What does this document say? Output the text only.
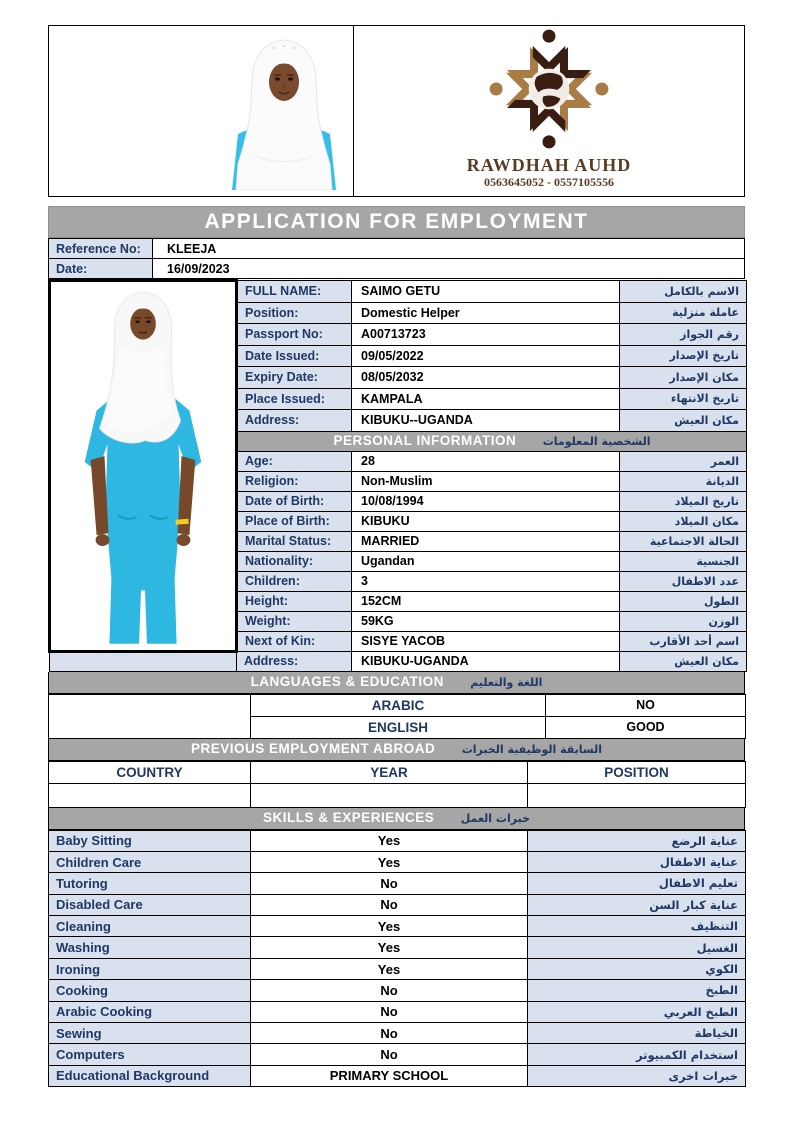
RAWDHAH AUHD
0563645052 - 0557105556
APPLICATION FOR EMPLOYMENT
Reference No:	KLEEJA
Date:	16/09/2023
	FULL NAME:	SAIMO GETU	الاسم بالكامل
	Position:	Domestic Helper	عاملة منزلية
	Passport No:	A00713723	رقم الجواز
	Date Issued:	09/05/2022	تاريخ الإصدار
	Expiry Date:	08/05/2032	مكان الإصدار
	Place Issued:	KAMPALA	تاريخ الانتهاء
	Address:	KIBUKU--UGANDA	مكان العيش
	PERSONAL INFORMATION الشخصية المعلومات		
	Age:	28	العمر
	Religion:	Non-Muslim	الديانة
	Date of Birth:	10/08/1994	تاريخ الميلاد
	Place of Birth:	KIBUKU	مكان الميلاد
	Marital Status:	MARRIED	الحالة الاجتماعية
	Nationality:	Ugandan	الجنسية
	Children:	3	عدد الاطفال
	Height:	152CM	الطول
	Weight:	59KG	الوزن
	Next of Kin:	SISYE YACOB	اسم أحد الأقارب
	Address:	KIBUKU-UGANDA	مكان العيش
LANGUAGES & EDUCATION اللغة والتعليم
	ARABIC	NO
	ENGLISH	GOOD
PREVIOUS EMPLOYMENT ABROAD السابقة الوظيفية الخبرات
COUNTRY	YEAR	POSITION

SKILLS & EXPERIENCES خبرات العمل
Baby Sitting	Yes	عناية الرضع
Children Care	Yes	عناية الاطفال
Tutoring	No	تعليم الاطفال
Disabled Care	No	عناية كبار السن
Cleaning	Yes	التنظيف
Washing	Yes	الغسيل
Ironing	Yes	الكوي
Cooking	No	الطبخ
Arabic Cooking	No	الطبخ العربي
Sewing	No	الخياطة
Computers	No	استخدام الكمبيوتر
Educational Background	PRIMARY SCHOOL	خبرات اخرى
